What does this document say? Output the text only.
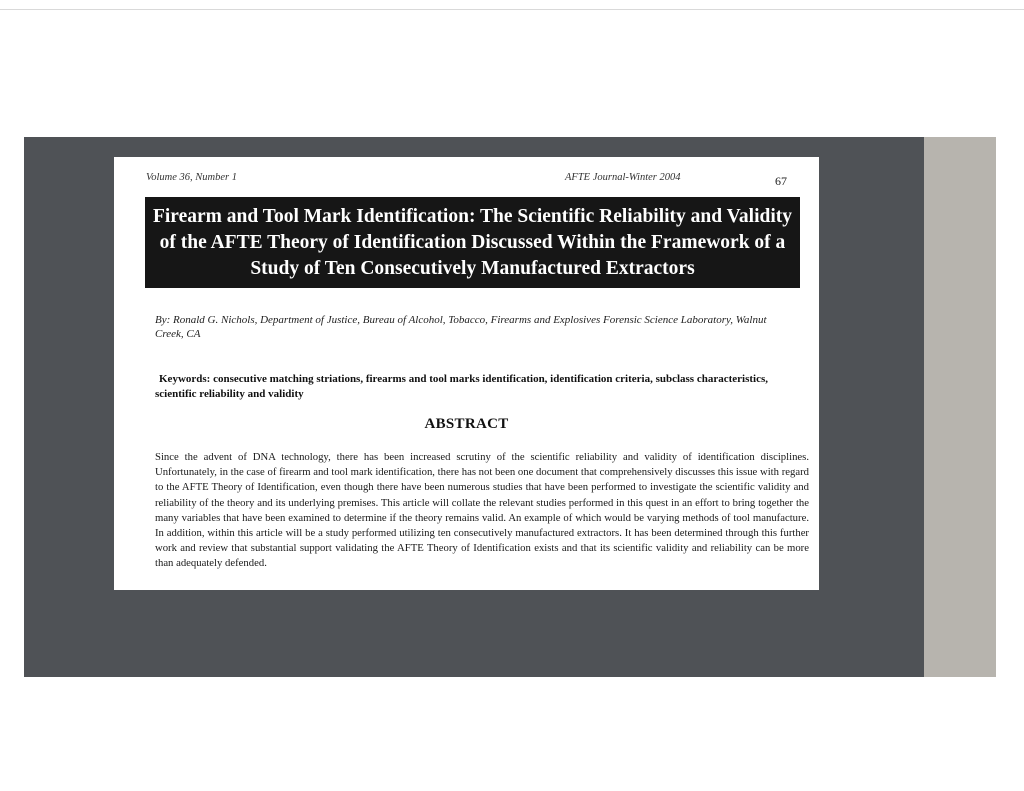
Volume 36, Number 1	AFTE Journal-Winter 2004	67
Firearm and Tool Mark Identification: The Scientific Reliability and Validity of the AFTE Theory of Identification Discussed Within the Framework of a Study of Ten Consecutively Manufactured Extractors
By: Ronald G. Nichols, Department of Justice, Bureau of Alcohol, Tobacco, Firearms and Explosives Forensic Science Laboratory, Walnut Creek, CA
Keywords: consecutive matching striations, firearms and tool marks identification, identification criteria, subclass characteristics, scientific reliability and validity
ABSTRACT
Since the advent of DNA technology, there has been increased scrutiny of the scientific reliability and validity of identification disciplines. Unfortunately, in the case of firearm and tool mark identification, there has not been one document that comprehensively discusses this issue with regard to the AFTE Theory of Identification, even though there have been numerous studies that have been performed to investigate the scientific validity and reliability of the theory and its underlying premises. This article will collate the relevant studies performed in this quest in an effort to bring together the many variables that have been examined to determine if the theory remains valid. An example of which would be varying methods of tool manufacture. In addition, within this article will be a study performed utilizing ten consecutively manufactured extractors. It has been determined through this further work and review that substantial support validating the AFTE Theory of Identification exists and that its scientific validity and reliability can be more than adequately defended.
